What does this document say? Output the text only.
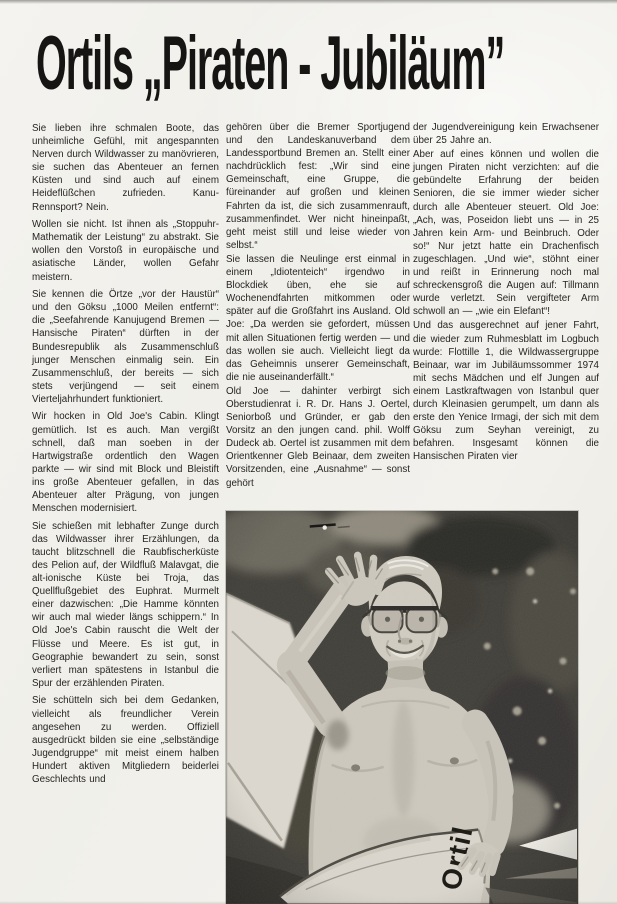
Ortils „Piraten - Jubiläum”

Sie lieben ihre schmalen Boote, das unheimliche Gefühl, mit angespannten Nerven durch Wildwasser zu manövrieren, sie suchen das Abenteuer an fernen Küsten und sind auch auf einem Heideflüßchen zufrieden. Kanu-Rennsport? Nein.

Wollen sie nicht. Ist ihnen als „Stoppuhr-Mathematik der Leistung“ zu abstrakt. Sie wollen den Vorstoß in europäische und asiatische Länder, wollen Gefahr meistern.

Sie kennen die Örtze „vor der Haustür“ und den Göksu „1000 Meilen entfernt“: die „Seefahrende Kanujugend Bremen — Hansische Piraten“ dürften in der Bundesrepublik als Zusammenschluß junger Menschen einmalig sein. Ein Zusammenschluß, der bereits — sich stets verjüngend — seit einem Vierteljahrhundert funktioniert.

Wir hocken in Old Joe's Cabin. Klingt gemütlich. Ist es auch. Man vergißt schnell, daß man soeben in der Hartwigstraße ordentlich den Wagen parkte — wir sind mit Block und Bleistift ins große Abenteuer gefallen, in das Abenteuer alter Prägung, von jungen Menschen modernisiert.

Sie schießen mit lebhafter Zunge durch das Wildwasser ihrer Erzählungen, da taucht blitzschnell die Raubfischerküste des Pelion auf, der Wildfluß Malavgat, die alt-ionische Küste bei Troja, das Quellflußgebiet des Euphrat. Murmelt einer dazwischen: „Die Hamme könnten wir auch mal wieder längs schippern.“ In Old Joe's Cabin rauscht die Welt der Flüsse und Meere. Es ist gut, in Geographie bewandert zu sein, sonst verliert man spätestens in Istanbul die Spur der erzählenden Piraten.

Sie schütteln sich bei dem Gedanken, vielleicht als freundlicher Verein angesehen zu werden. Offiziell ausgedrückt bilden sie eine „selbständige Jugendgruppe“ mit meist einem halben Hundert aktiven Mitgliedern beiderlei Geschlechts und

gehören über die Bremer Sportjugend und den Landeskanuverband dem Landessportbund Bremen an. Stellt einer nachdrücklich fest: „Wir sind eine Gemeinschaft, eine Gruppe, die füreinander auf großen und kleinen Fahrten da ist, die sich zusammenrauft, zusammenfindet. Wer nicht hineinpaßt, geht meist still und leise wieder von selbst.“

Sie lassen die Neulinge erst einmal in einem „Idiotenteich“ irgendwo in Blockdiek üben, ehe sie auf Wochenendfahrten mitkommen oder später auf die Großfahrt ins Ausland. Old Joe: „Da werden sie gefordert, müssen mit allen Situationen fertig werden — und das wollen sie auch. Vielleicht liegt da das Geheimnis unserer Gemeinschaft, die nie auseinanderfällt.“

Old Joe — dahinter verbirgt sich Oberstudienrat i. R. Dr. Hans J. Oertel, Seniorboß und Gründer, er gab den Vorsitz an den jungen cand. phil. Wolff Dudeck ab. Oertel ist zusammen mit dem Orientkenner Gleb Beinaar, dem zweiten Vorsitzenden, eine „Ausnahme“ — sonst gehört

der Jugendvereinigung kein Erwachsener über 25 Jahre an.

Aber auf eines können und wollen die jungen Piraten nicht verzichten: auf die gebündelte Erfahrung der beiden Senioren, die sie immer wieder sicher durch alle Abenteuer steuert. Old Joe: „Ach, was, Poseidon liebt uns — in 25 Jahren kein Arm- und Beinbruch. Oder so!“ Nur jetzt hatte ein Drachenfisch zugeschlagen. „Und wie“, stöhnt einer und reißt in Erinnerung noch mal schreckensgroß die Augen auf: Tillmann wurde verletzt. Sein vergifteter Arm schwoll an — „wie ein Elefant“!

Und das ausgerechnet auf jener Fahrt, die wieder zum Ruhmesblatt im Logbuch wurde: Flottille 1, die Wildwassergruppe Beinaar, war im Jubiläumssommer 1974 mit sechs Mädchen und elf Jungen auf einem Lastkraftwagen von Istanbul quer durch Kleinasien gerumpelt, um dann als erste den Yenice Irmagi, der sich mit dem Göksu zum Seyhan vereinigt, zu befahren. Insgesamt können die Hansischen Piraten vier
